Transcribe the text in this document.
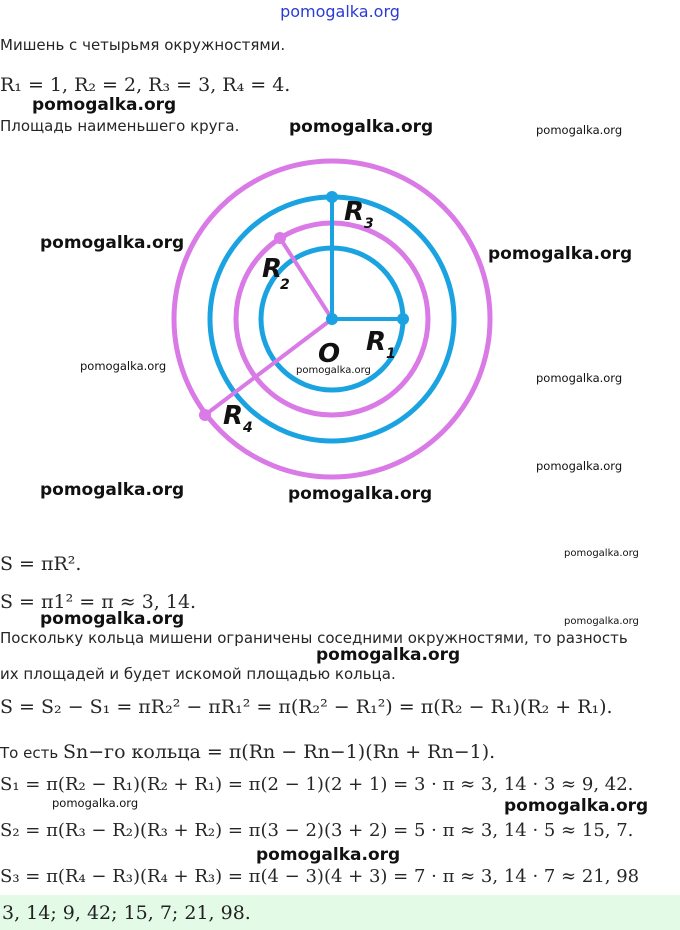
pomogalka.org
Мишень с четырьмя окружностями.
R₁ = 1, R₂ = 2, R₃ = 3, R₄ = 4.
Площадь наименьшего круга.
O $R_1$
R 2
$R_3$
$R_4$
pomogalka.org
S = πR².
S = π1² = π ≈ 3, 14.
Поскольку кольца мишени ограничены соседними окружностями, то разность
их площадей и будет искомой площадью кольца.
S = S₂ − S₁ = πR₂² − πR₁² = π(R₂² − R₁²) = π(R₂ − R₁)(R₂ + R₁).
То есть Sn−го кольца = π(Rn − Rn−1)(Rn + Rn−1).
S₁ = π(R₂ − R₁)(R₂ + R₁) = π(2 − 1)(2 + 1) = 3 · π ≈ 3, 14 · 3 ≈ 9, 42.
S₂ = π(R₃ − R₂)(R₃ + R₂) = π(3 − 2)(3 + 2) = 5 · π ≈ 3, 14 · 5 ≈ 15, 7.
S₃ = π(R₄ − R₃)(R₄ + R₃) = π(4 − 3)(4 + 3) = 7 · π ≈ 3, 14 · 7 ≈ 21, 98
3, 14; 9, 42; 15, 7; 21, 98.
pomogalka.org
pomogalka.org	pomogalka.org
pomogalka.org
pomogalka.org
pomogalka.org
pomogalka.org
pomogalka.org
pomogalka.org	pomogalka.org
pomogalka.org
pomogalka.org	pomogalka.org
pomogalka.org
pomogalka.org	pomogalka.org
pomogalka.org
